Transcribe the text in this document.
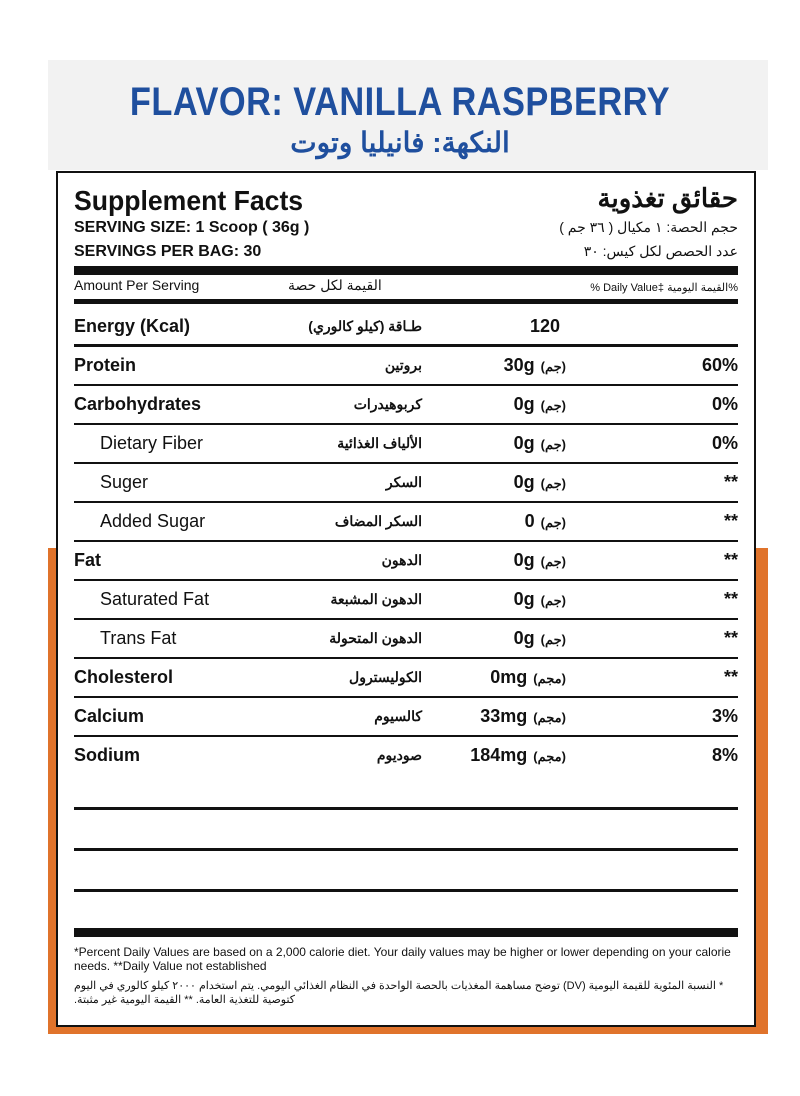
FLAVOR: VANILLA RASPBERRY
النكهة: فانيليا وتوت
Supplement Facts	حقائق تغذوية
SERVING SIZE: 1 Scoop ( 36g )	حجم الحصة: ١ مكيال ( ٣٦ جم )
SERVINGS PER BAG: 30	عدد الحصص لكل كيس: ٣٠
Amount Per Serving	القيمة لكل حصة	% Daily Value‡ القيمة اليومية%
Energy (Kcal)	طـاقة (كيلو كالوري)	120
Protein	بروتين	30g (جم)	60%
Carbohydrates	كربوهيدرات	0g (جم)	0%
Dietary Fiber	الألياف الغذائية	0g (جم)	0%
Suger	السكر	0g (جم)	**
Added Sugar	السكر المضاف	0 (جم)	**
Fat	الدهون	0g (جم)	**
Saturated Fat	الدهون المشبعة	0g (جم)	**
Trans Fat	الدهون المتحولة	0g (جم)	**
Cholesterol	الكوليسترول	0mg (مجم)	**
Calcium	كالسيوم	33mg (مجم)	3%
Sodium	صوديوم	184mg (مجم)	8%
*Percent Daily Values are based on a 2,000 calorie diet. Your daily values may be higher or lower depending on your calorie needs. **Daily Value not established
* النسبة المئوية للقيمة اليومية (DV) توضح مساهمة المغذيات بالحصة الواحدة في النظام الغذائي اليومي. يتم استخدام ٢٠٠٠ كيلو كالوري في اليوم كتوصية للتغذية العامة. ** القيمة اليومية غير مثبتة.
